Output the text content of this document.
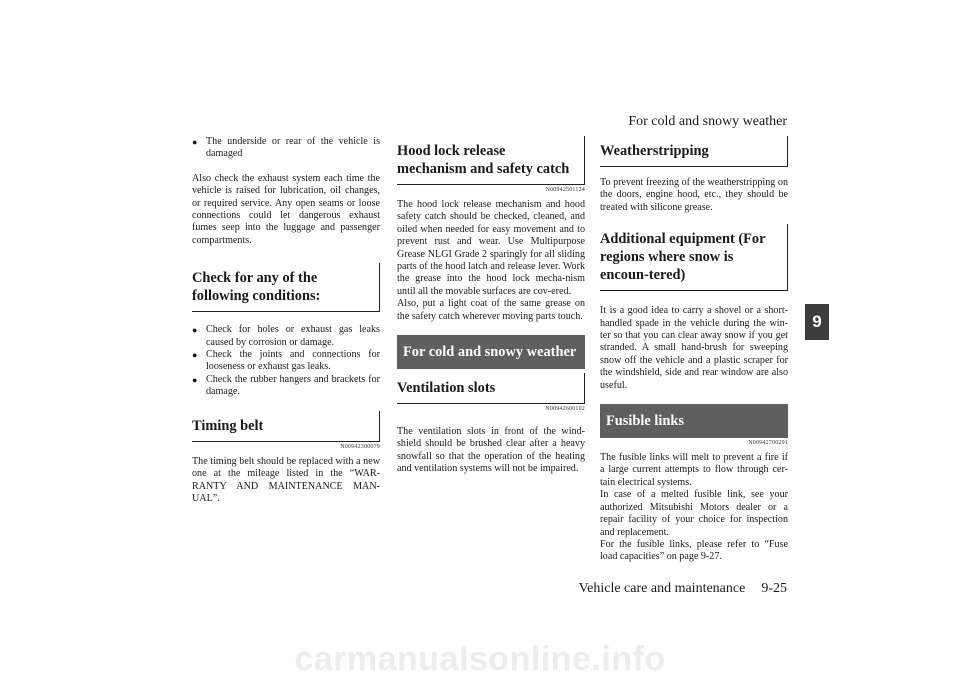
For cold and snowy weather
9

● The underside or rear of the vehicle is damaged

Also check the exhaust system each time the vehicle is raised for lubrication, oil changes, or required service. Any open seams or loose connections could let dangerous exhaust fumes seep into the luggage and passenger compartments.

Check for any of the following conditions:

● Check for holes or exhaust gas leaks caused by corrosion or damage.

● Check the joints and connections for looseness or exhaust gas leaks.

● Check the rubber hangers and brackets for damage.

Timing belt

N00942300079

The timing belt should be replaced with a new one at the mileage listed in the “WAR-RANTY AND MAINTENANCE MAN-UAL”.

Hood lock release mechanism and safety catch

N00942501124

The hood lock release mechanism and hood safety catch should be checked, cleaned, and oiled when needed for easy movement and to prevent rust and wear. Use Multipurpose Grease NLGI Grade 2 sparingly for all sliding parts of the hood latch and release lever. Work the grease into the hood lock mecha-nism until all the movable surfaces are cov-ered.

Also, put a light coat of the same grease on the safety catch wherever moving parts touch.

For cold and snowy weather
Ventilation slots

N00942600102

The ventilation slots in front of the wind-shield should be brushed clear after a heavy snowfall so that the operation of the heating and ventilation systems will not be impaired.

Weatherstripping

To prevent freezing of the weatherstripping on the doors, engine hood, etc., they should be treated with silicone grease.

Additional equipment (For regions where snow is encoun-tered)

It is a good idea to carry a shovel or a short-handled spade in the vehicle during the win-ter so that you can clear away snow if you get stranded. A small hand-brush for sweeping snow off the vehicle and a plastic scraper for the windshield, side and rear window are also useful.

Fusible links

N00942700291

The fusible links will melt to prevent a fire if a large current attempts to flow through cer-tain electrical systems.

In case of a melted fusible link, see your authorized Mitsubishi Motors dealer or a repair facility of your choice for inspection and replacement.

For the fusible links, please refer to “Fuse load capacities” on page 9-27.

Vehicle care and maintenance 9-25
carmanualsonline.info
